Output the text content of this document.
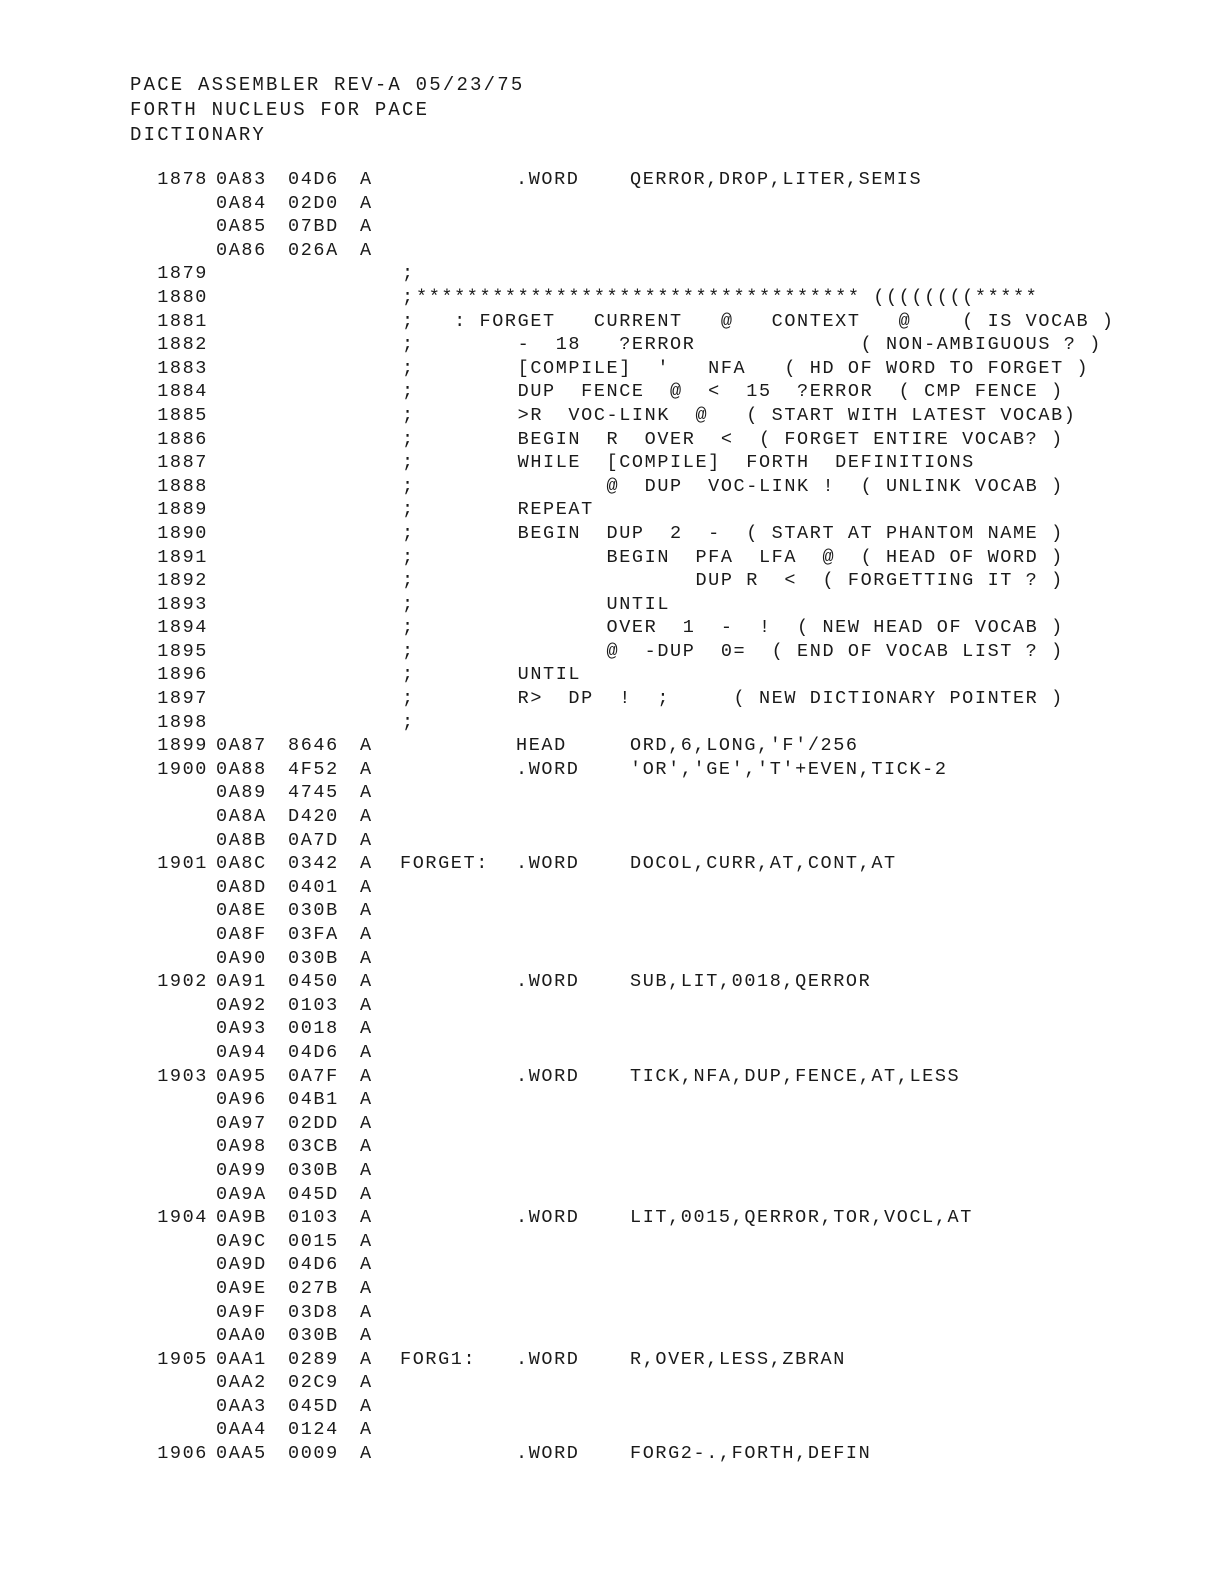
PACE ASSEMBLER REV-A 05/23/75
FORTH NUCLEUS FOR PACE
DICTIONARY
1878 0A83 04D6 A	.WORD	QERROR,DROP,LITER,SEMIS
0A84 02D0 A
0A85 07BD A
0A86 026A A
1879	;
1880	; *********************************** ((((((((*****
1881	; : FORGET   CURRENT   @   CONTEXT   @    ( IS VOCAB )
1882	; -  18   ?ERROR             ( NON-AMBIGUOUS ? )
1883	; [COMPILE]  '   NFA   ( HD OF WORD TO FORGET )
1884	; DUP  FENCE  @  <  15  ?ERROR  ( CMP FENCE )
1885	; >R  VOC-LINK  @   ( START WITH LATEST VOCAB)
1886	; BEGIN  R  OVER  <  ( FORGET ENTIRE VOCAB? )
1887	; WHILE  [COMPILE]  FORTH  DEFINITIONS
1888	; @  DUP  VOC-LINK !  ( UNLINK VOCAB )
1889	; REPEAT
1890	; BEGIN  DUP  2  -  ( START AT PHANTOM NAME )
1891	; BEGIN  PFA  LFA  @  ( HEAD OF WORD )
1892	; DUP R  <  ( FORGETTING IT ? )
1893	; UNTIL
1894	; OVER  1  -  !  ( NEW HEAD OF VOCAB )
1895	; @  -DUP  0=  ( END OF VOCAB LIST ? )
1896	; UNTIL
1897	; R>  DP  !  ;     ( NEW DICTIONARY POINTER )
1898	;
1899 0A87 8646 A	HEAD	ORD,6,LONG,'F'/256
1900 0A88 4F52 A	.WORD	'OR','GE','T'+EVEN,TICK-2
0A89 4745 A
0A8A D420 A
0A8B 0A7D A
1901 0A8C 0342 A FORGET: .WORD	DOCOL,CURR,AT,CONT,AT
0A8D 0401 A
0A8E 030B A
0A8F 03FA A
0A90 030B A
1902 0A91 0450 A	.WORD	SUB,LIT,0018,QERROR
0A92 0103 A
0A93 0018 A
0A94 04D6 A
1903 0A95 0A7F A	.WORD	TICK,NFA,DUP,FENCE,AT,LESS
0A96 04B1 A
0A97 02DD A
0A98 03CB A
0A99 030B A
0A9A 045D A
1904 0A9B 0103 A	.WORD	LIT,0015,QERROR,TOR,VOCL,AT
0A9C 0015 A
0A9D 04D6 A
0A9E 027B A
0A9F 03D8 A
0AA0 030B A
1905 0AA1 0289 A FORG1: .WORD	R,OVER,LESS,ZBRAN
0AA2 02C9 A
0AA3 045D A
0AA4 0124 A
1906 0AA5 0009 A	.WORD	FORG2-.,FORTH,DEFIN
